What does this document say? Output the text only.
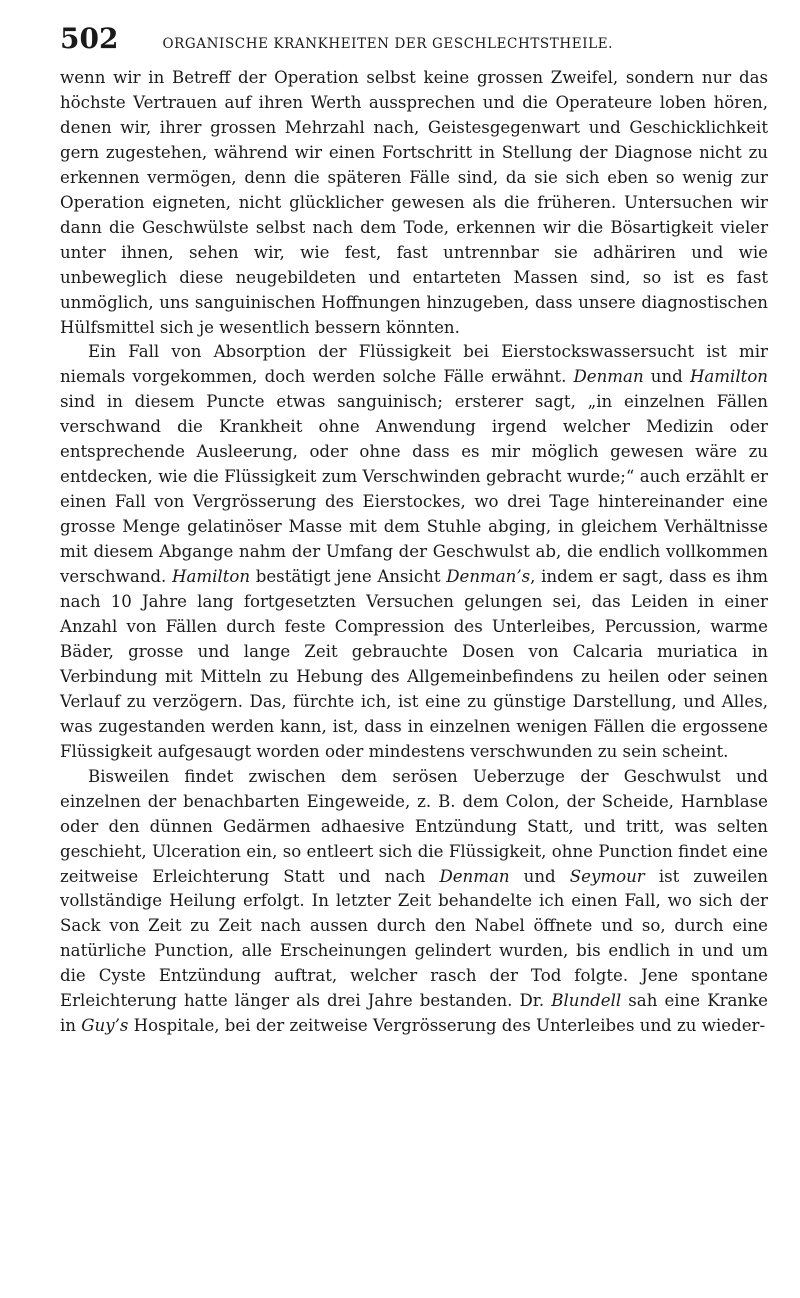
502	ORGANISCHE KRANKHEITEN DER GESCHLECHTSTHEILE.

wenn wir in Betreff der Operation selbst keine grossen Zweifel, sondern nur das höchste Vertrauen auf ihren Werth aussprechen und die Operateure loben hören, denen wir, ihrer grossen Mehrzahl nach, Geistesgegenwart und Geschicklichkeit gern zugestehen, während wir einen Fortschritt in Stellung der Diagnose nicht zu erkennen vermögen, denn die späteren Fälle sind, da sie sich eben so wenig zur Operation eigneten, nicht glücklicher gewesen als die früheren. Untersuchen wir dann die Geschwülste selbst nach dem Tode, erkennen wir die Bösartigkeit vieler unter ihnen, sehen wir, wie fest, fast untrennbar sie adhäriren und wie unbeweglich diese neugebildeten und entarteten Massen sind, so ist es fast unmöglich, uns sanguinischen Hoffnungen hinzugeben, dass unsere diagnostischen Hülfsmittel sich je wesentlich bessern könnten.

Ein Fall von Absorption der Flüssigkeit bei Eierstockswassersucht ist mir niemals vorgekommen, doch werden solche Fälle erwähnt. Denman und Hamilton sind in diesem Puncte etwas sanguinisch; ersterer sagt, „in einzelnen Fällen verschwand die Krankheit ohne Anwendung irgend welcher Medizin oder entsprechende Ausleerung, oder ohne dass es mir möglich gewesen wäre zu entdecken, wie die Flüssigkeit zum Verschwinden gebracht wurde;“ auch erzählt er einen Fall von Vergrösserung des Eierstockes, wo drei Tage hintereinander eine grosse Menge gelatinöser Masse mit dem Stuhle abging, in gleichem Verhältnisse mit diesem Abgange nahm der Umfang der Geschwulst ab, die endlich vollkommen verschwand. Hamilton bestätigt jene Ansicht Denman’s, indem er sagt, dass es ihm nach 10 Jahre lang fortgesetzten Versuchen gelungen sei, das Leiden in einer Anzahl von Fällen durch feste Compression des Unterleibes, Percussion, warme Bäder, grosse und lange Zeit gebrauchte Dosen von Calcaria muriatica in Verbindung mit Mitteln zu Hebung des Allgemeinbefindens zu heilen oder seinen Verlauf zu verzögern. Das, fürchte ich, ist eine zu günstige Darstellung, und Alles, was zugestanden werden kann, ist, dass in einzelnen wenigen Fällen die ergossene Flüssigkeit aufgesaugt worden oder mindestens verschwunden zu sein scheint.

Bisweilen findet zwischen dem serösen Ueberzuge der Geschwulst und einzelnen der benachbarten Eingeweide, z. B. dem Colon, der Scheide, Harnblase oder den dünnen Gedärmen adhaesive Entzündung Statt, und tritt, was selten geschieht, Ulceration ein, so entleert sich die Flüssigkeit, ohne Punction findet eine zeitweise Erleichterung Statt und nach Denman und Seymour ist zuweilen vollständige Heilung erfolgt. In letzter Zeit behandelte ich einen Fall, wo sich der Sack von Zeit zu Zeit nach aussen durch den Nabel öffnete und so, durch eine natürliche Punction, alle Erscheinungen gelindert wurden, bis endlich in und um die Cyste Entzündung auftrat, welcher rasch der Tod folgte. Jene spontane Erleichterung hatte länger als drei Jahre bestanden. Dr. Blundell sah eine Kranke in Guy’s Hospitale, bei der zeitweise Vergrösserung des Unterleibes und zu wieder-
